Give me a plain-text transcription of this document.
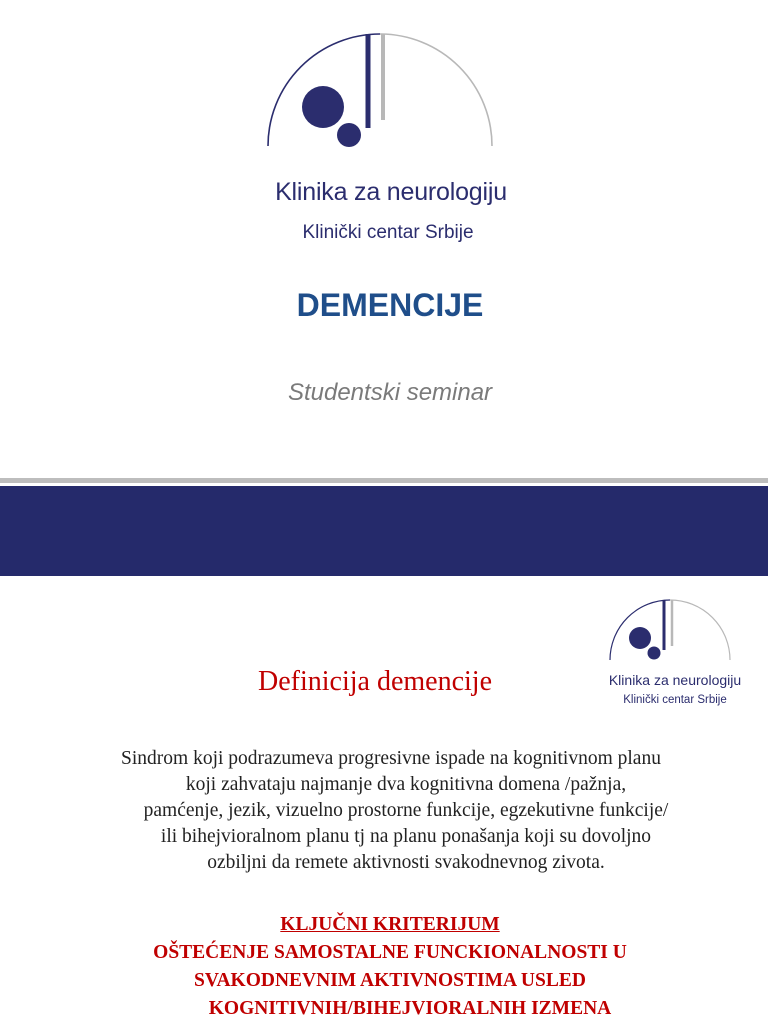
Klinika za neurologiju
Klinički centar Srbije
DEMENCIJE
Studentski seminar
Klinika za neurologiju
Klinički centar Srbije
Definicija demencije
Sindrom koji podrazumeva progresivne ispade na kognitivnom planu
koji zahvataju najmanje dva kognitivna domena /pažnja,
pamćenje, jezik, vizuelno prostorne funkcije, egzekutivne funkcije/
ili bihejvioralnom planu tj na planu ponašanja koji su dovoljno
ozbiljni da remete aktivnosti svakodnevnog zivota.
KLJUČNI KRITERIJUM
OŠTEĆENJE SAMOSTALNE FUNCKIONALNOSTI U
SVAKODNEVNIM AKTIVNOSTIMA USLED
KOGNITIVNIH/BIHEJVIORALNIH IZMENA
